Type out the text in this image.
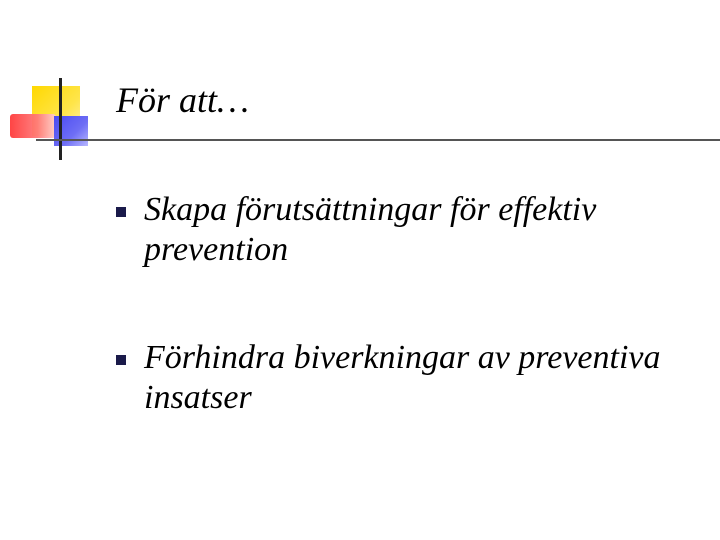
För att…
Skapa förutsättningar för effektiv prevention
Förhindra biverkningar av preventiva insatser
